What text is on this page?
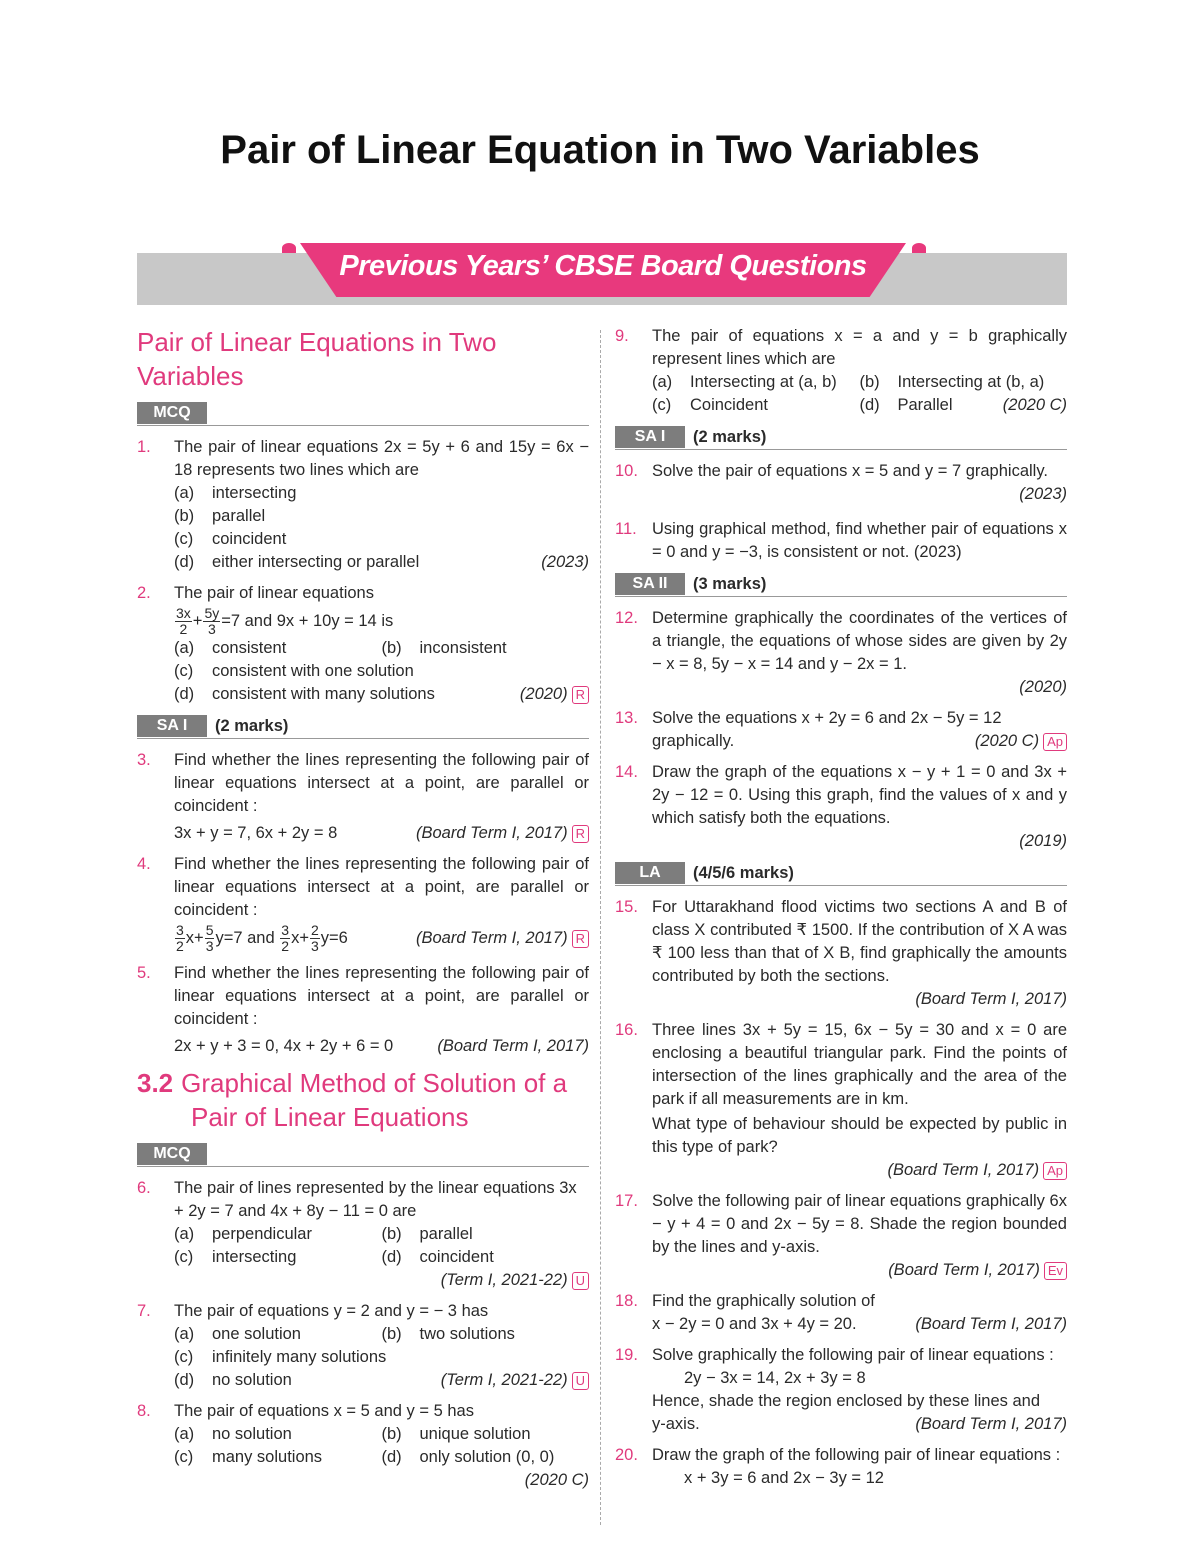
Pair of Linear Equation in Two Variables
Previous Years’ CBSE Board Questions
Pair of Linear Equations in Two Variables
MCQ
1.	The pair of linear equations 2x = 5y + 6 and 15y = 6x − 18 represents two lines which are
(a)	intersecting
(b)	parallel
(c)	coincident
(d)	either intersecting or parallel	(2023)
2.	The pair of linear equations
$\frac{3x}{2} + \frac{5y}{3} =7$ and 9x + 10y = 14 is
(a)	consistent	(b)	inconsistent
(c)	consistent with one solution
(d)	consistent with many solutions	(2020) R
SA I	(2 marks)
3.	Find whether the lines representing the following pair of linear equations intersect at a point, are parallel or coincident :
3x + y = 7, 6x + 2y = 8	(Board Term I, 2017) R
4.	Find whether the lines representing the following pair of linear equations intersect at a point, are parallel or coincident :
$\frac{3}{2} x+ \frac{5}{3} y=7$ and $\frac{3}{2} x+ \frac{2}{3} y=6$	(Board Term I, 2017) R
5.	Find whether the lines representing the following pair of linear equations intersect at a point, are parallel or coincident :
2x + y + 3 = 0, 4x + 2y + 6 = 0	(Board Term I, 2017)
3.2 Graphical Method of Solution of a
Pair of Linear Equations
MCQ
6.	The pair of lines represented by the linear equations 3x + 2y = 7 and 4x + 8y − 11 = 0 are
(a)	perpendicular	(b)	parallel
(c)	intersecting	(d)	coincident
(Term I, 2021-22) U
7.	The pair of equations y = 2 and y = − 3 has
(a)	one solution	(b)	two solutions
(c)	infinitely many solutions
(d)	no solution	(Term I, 2021-22) U
8.	The pair of equations x = 5 and y = 5 has
(a)	no solution	(b)	unique solution
(c)	many solutions	(d)	only solution (0, 0)
(2020 C)
9.	The pair of equations x = a and y = b graphically represent lines which are
(a)	Intersecting at (a, b) (b)	Intersecting at (b, a)
(c)	Coincident	(d)	Parallel	(2020 C)
SA I	(2 marks)
10. Solve the pair of equations x = 5 and y = 7 graphically.
(2023)
11. Using graphical method, find whether pair of equations x = 0 and y = −3, is consistent or not. (2023)
SA II	(3 marks)
12. Determine graphically the coordinates of the vertices of a triangle, the equations of whose sides are given by 2y − x = 8, 5y − x = 14 and y − 2x = 1.
(2020)
13. Solve the equations x + 2y = 6 and 2x − 5y = 12
graphically.	(2020 C) Ap
14. Draw the graph of the equations x − y + 1 = 0 and 3x + 2y − 12 = 0. Using this graph, find the values of x and y which satisfy both the equations.
(2019)
LA	(4/5/6 marks)
15. For Uttarakhand flood victims two sections A and B of class X contributed ₹ 1500. If the contribution of X A was ₹ 100 less than that of X B, find graphically the amounts contributed by both the sections.
(Board Term I, 2017)
16. Three lines 3x + 5y = 15, 6x − 5y = 30 and x = 0 are enclosing a beautiful triangular park. Find the points of intersection of the lines graphically and the area of the park if all measurements are in km.
What type of behaviour should be expected by public in this type of park?
(Board Term I, 2017) Ap
17. Solve the following pair of linear equations graphically 6x − y + 4 = 0 and 2x − 5y = 8. Shade the region bounded by the lines and y-axis.
(Board Term I, 2017) Ev
18. Find the graphically solution of
x − 2y = 0 and 3x + 4y = 20.	(Board Term I, 2017)
19. Solve graphically the following pair of linear equations :
2y − 3x = 14, 2x + 3y = 8
Hence, shade the region enclosed by these lines and
y-axis.	(Board Term I, 2017)
20. Draw the graph of the following pair of linear equations :
x + 3y = 6 and 2x − 3y = 12
